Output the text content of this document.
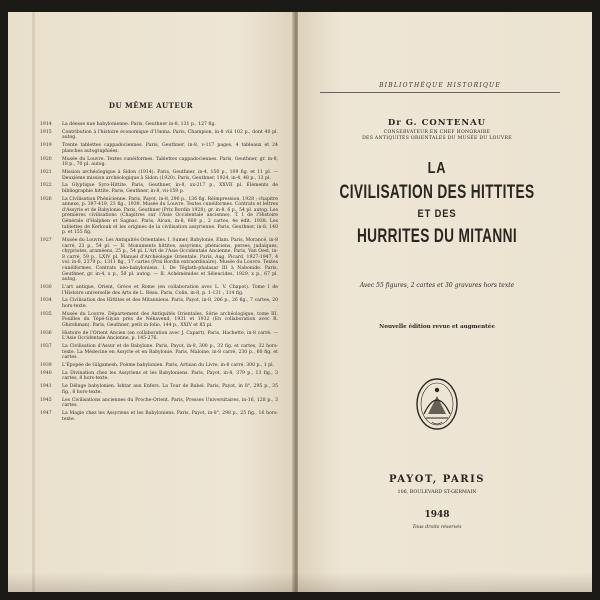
DU MÊME AUTEUR
1914	La déesse nue babylonienne. Paris, Geuthner in-8, 131 p., 127 fig.
1915	Contribution à l'histoire économique d'Umma. Paris, Champion, in-8 viii 102 p., dont 40 pl. autog.
1919	Trente tablettes cappadociennes. Paris, Geuthner, in-8, v-117 pages, 4 tableaux et 24 planches autographiées.
1920	Musée du Louvre. Textes cunéiformes. Tablettes cappadociennes. Paris, Geuthner, gr. in-8, 18 p., 70 pl. autog.
1921	Mission archéologique à Sidon (1914). Paris, Geuthner, in-4, 150 p., 109 fig. et 11 pl. — Deuxième mission archéologique à Sidon (1920). Paris, Geuthner, 1924, in-4, 48 p., 13 pl.
1922	La Glyptique Syro-Hittite. Paris, Geuthner, in-8, xx-217 p., XXVII pl. Éléments de bibliographie hittite. Paris, Geuthner, in-8, vii-159 p.
1926	La Civilisation Phénicienne. Paris, Payot, in-8, 296 p., 136 fig. Réimpression, 1928 ; chapitre annexe, p. 397-419, 23 fig., 1939. Musée du Louvre. Textes cunéiformes. Contrats et lettres d'Assyrie et de Babylonie. Paris, Geuthner (Prix Bordin 1928), gr. in-8, 6 p., 54 pl. autog. Les premières civilisations (Chapitres sur l'Asie Occidentale ancienne). T. I de l'Histoire Générale d'Halphen et Sagnac. Paris, Alcan, in-8, 600 p., 2 cartes, 4e édit. 1938. Les tablettes de Kerkouk et les origines de la civilisation assyrienne. Paris, Geuthner, in-8, 140 p. et 155 fig.
1927	Musée du Louvre. Les Antiquités Orientales. I. Sumer, Babylonie, Elam. Paris, Morancé, in-8 carré, 23 p., 54 pl. — II. Monuments hittites, assyriens, phéniciens, perses, judaïques, chypriotes, araméens, 25 p., 54 pl. L'Art de l'Asie Occidentale Ancienne. Paris, Van Oest, in-8 carré, 59 p., LXIV pl. Manuel d'Archéologie Orientale. Paris, Aug. Picard, 1927-1947, 4 vol. in-8, 2379 p., 1311 fig., 17 cartes (Prix Bordin extraordinaire). Musée du Louvre. Textes cunéiformes. Contrats néo-babyloniens. I. De Téglath-phalasar III à Nabonide. Paris, Geuthner, gr. in-4, x p., 50 pl. autog. — II. Achéménides et Séleucides, 1929, x p., 67 pl. autog.
1930	L'art antique, Orient, Grèce et Rome (en collaboration avec L. V. Chapot). Tome I de l'Histoire universelle des Arts de L. Réau. Paris, Colin, in-8, p. 1-131 ; 114 fig.
1934	La Civilisation des Hittites et des Mitanniens. Paris, Payot, in-8, 206 p., 26 fig., 7 cartes, 20 hors-texte.
1935	Musée du Louvre. Département des Antiquités Orientales. Série archéologique, tome III. Fouilles du Tépé-Giyan près de Néhavend, 1931 et 1932 (En collaboration avec R. Ghirshman). Paris, Geuthner, petit in-folio, 144 p., XXIV et 85 pl.
1936	Histoire de l'Orient Ancien (en collaboration avec J. Capart). Paris, Hachette, in-8 carré. — L'Asie Occidentale Ancienne, p. 145-276.
1937	La Civilisation d'Assur et de Babylone. Paris, Payot, in-8, 300 p., 32 fig. et cartes, 32 hors-texte. La Médecine en Assyrie et en Babylonie. Paris, Maloine, in-8 carré, 230 p., 60 fig. et cartes.
1939	L'Épopée de Gilgamesh. Poème babylonien. Paris, Artisan du Livre, in-8 carré, 300 p., 1 pl.
1940	La Divination chez les Assyriens et les Babyloniens. Paris, Payot, in-8, 379 p., 13 fig., 3 cartes, 8 hors-texte.
1941	Le Déluge babylonien. Ishtar aux Enfers. La Tour de Babel. Paris, Payot, in 8°, 295 p., 35 fig., 8 hors-texte.
1945	Les Civilisations anciennes du Proche-Orient. Paris, Presses Universitaires, in-16, 128 p., 3 cartes.
1947	La Magie chez les Assyriens et les Babyloniens. Paris, Payot, in-8°, 298 p., 25 fig., 16 hors-texte.
BIBLIOTHÈQUE HISTORIQUE
Dr G. CONTENAU
CONSERVATEUR EN CHEF HONORAIRE
DES ANTIQUITÉS ORIENTALES DU MUSÉE DU LOUVRE
LA
CIVILISATION DES HITTITES
ET DES
HURRITES DU MITANNI
Avec 55 figures, 2 cartes et 30 gravures hors texte
Nouvelle édition revue et augmentée
PAYOT, PARIS
106, BOULEVARD ST-GERMAIN
1948
Tous droits réservés
